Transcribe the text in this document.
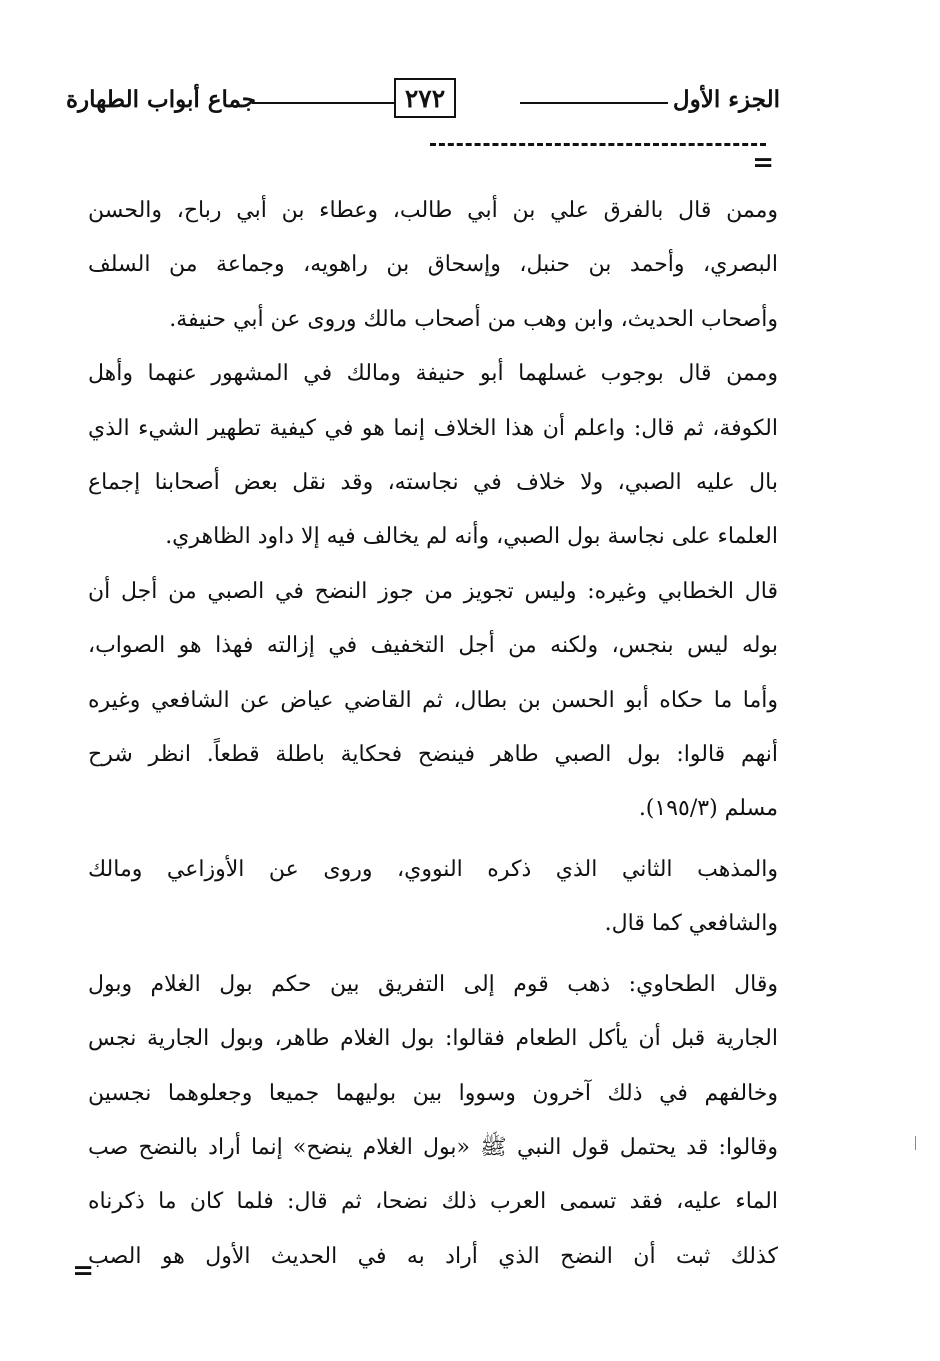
الجزء الأول
٢٧٢
جماع أبواب الطهارة
=

وممن قال بالفرق علي بن أبي طالب، وعطاء بن أبي رباح، والحسن
البصري، وأحمد بن حنبل، وإسحاق بن راهويه، وجماعة من السلف
وأصحاب الحديث، وابن وهب من أصحاب مالك وروى عن أبي حنيفة.

وممن قال بوجوب غسلهما أبو حنيفة ومالك في المشهور عنهما وأهل
الكوفة، ثم قال: واعلم أن هذا الخلاف إنما هو في كيفية تطهير الشيء الذي
بال عليه الصبي، ولا خلاف في نجاسته، وقد نقل بعض أصحابنا إجماع
العلماء على نجاسة بول الصبي، وأنه لم يخالف فيه إلا داود الظاهري.

قال الخطابي وغيره: وليس تجويز من جوز النضح في الصبي من أجل أن
بوله ليس بنجس، ولكنه من أجل التخفيف في إزالته فهذا هو الصواب،
وأما ما حكاه أبو الحسن بن بطال، ثم القاضي عياض عن الشافعي وغيره
أنهم قالوا: بول الصبي طاهر فينضح فحكاية باطلة قطعاً. انظر شرح
مسلم (١٩٥/٣).

والمذهب الثاني الذي ذكره النووي، وروى عن الأوزاعي ومالك
والشافعي كما قال.

وقال الطحاوي: ذهب قوم إلى التفريق بين حكم بول الغلام وبول
الجارية قبل أن يأكل الطعام فقالوا: بول الغلام طاهر، وبول الجارية نجس
وخالفهم في ذلك آخرون وسووا بين بوليهما جميعا وجعلوهما نجسين
وقالوا: قد يحتمل قول النبي ﷺ «بول الغلام ينضح» إنما أراد بالنضح صب
الماء عليه، فقد تسمى العرب ذلك نضحا، ثم قال: فلما كان ما ذكرناه
كذلك ثبت أن النضح الذي أراد به في الحديث الأول هو الصب

=
